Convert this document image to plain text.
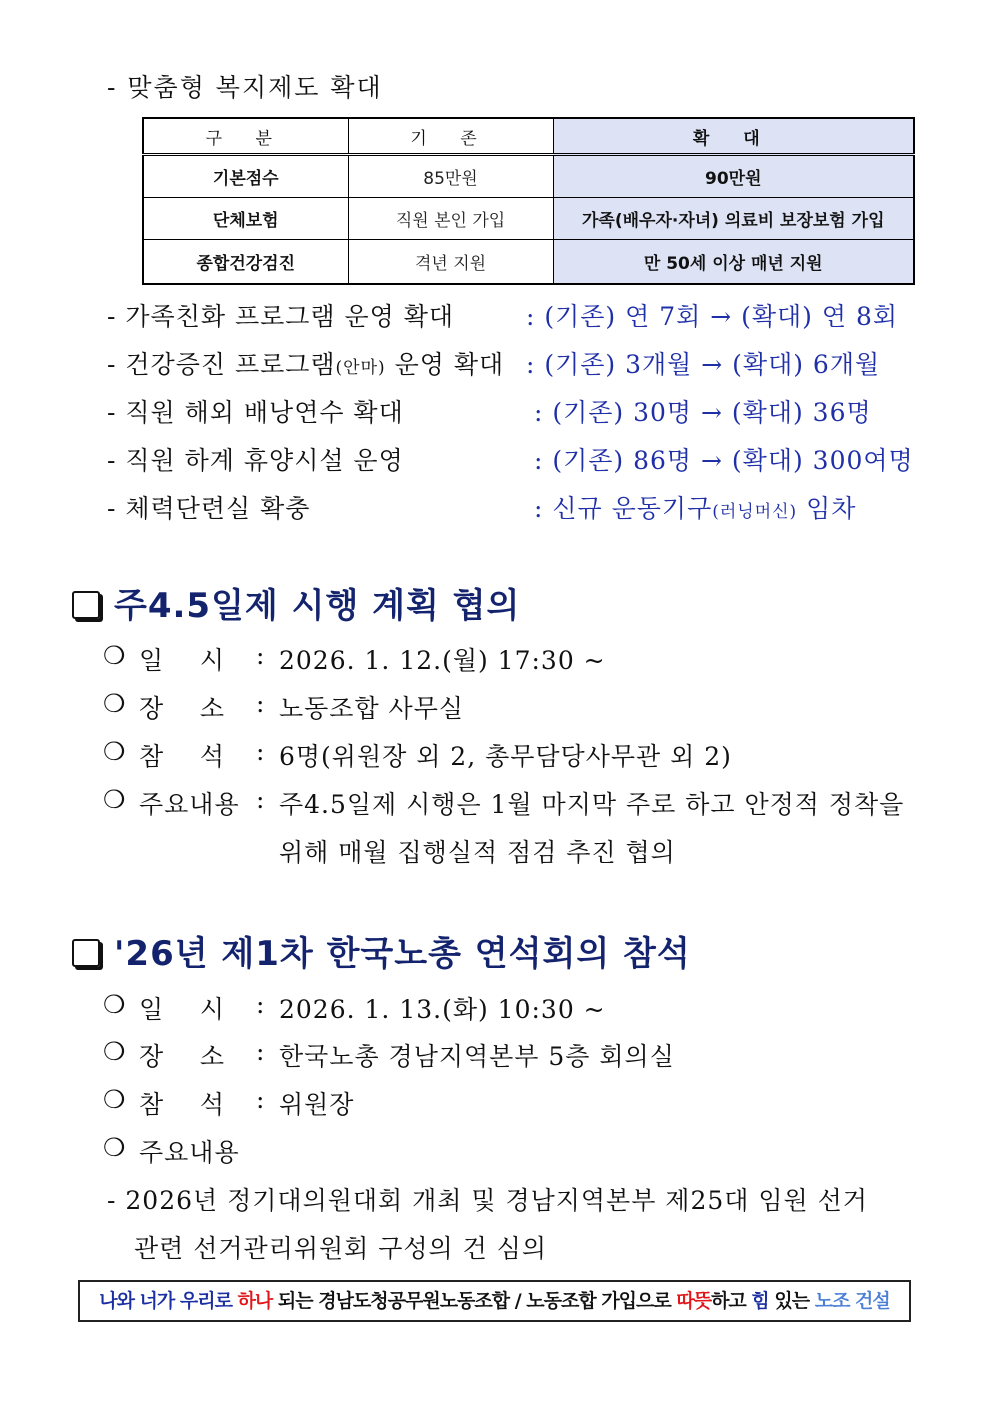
- 맞춤형 복지제도 확대
구 분	기 존	확 대
기본점수	85만원	90만원
단체보험	직원 본인 가입	가족(배우자·자녀) 의료비 보장보험 가입
종합건강검진	격년 지원	만 50세 이상 매년 지원
- 가족친화 프로그램 운영 확대	: (기존) 연 7회 → (확대) 연 8회
- 건강증진 프로그램(안마) 운영 확대 : (기존) 3개월 → (확대) 6개월
- 직원 해외 배낭연수 확대	: (기존) 30명 → (확대) 36명
- 직원 하계 휴양시설 운영	: (기존) 86명 → (확대) 300여명
- 체력단련실 확충	: 신규 운동기구(러닝머신) 임차
주4.5일제 시행 계획 협의
❍ 일    시 : 2026. 1. 12.(월) 17:30 ~
❍ 장    소 : 노동조합 사무실
❍ 참    석 : 6명(위원장 외 2, 총무담당사무관 외 2)
❍ 주요내용 : 주4.5일제 시행은 1월 마지막 주로 하고 안정적 정착을
위해 매월 집행실적 점검 추진 협의
'26년 제1차 한국노총 연석회의 참석
❍ 일    시 : 2026. 1. 13.(화) 10:30 ~
❍ 장    소 : 한국노총 경남지역본부 5층 회의실
❍ 참    석 : 위원장
❍ 주요내용
- 2026년 정기대의원대회 개최 및 경남지역본부 제25대 임원 선거
관련 선거관리위원회 구성의 건 심의
나와 너가 우리로 하나 되는 경남도청공무원노동조합 / 노동조합 가입으로 따뜻하고 힘 있는 노조 건설
